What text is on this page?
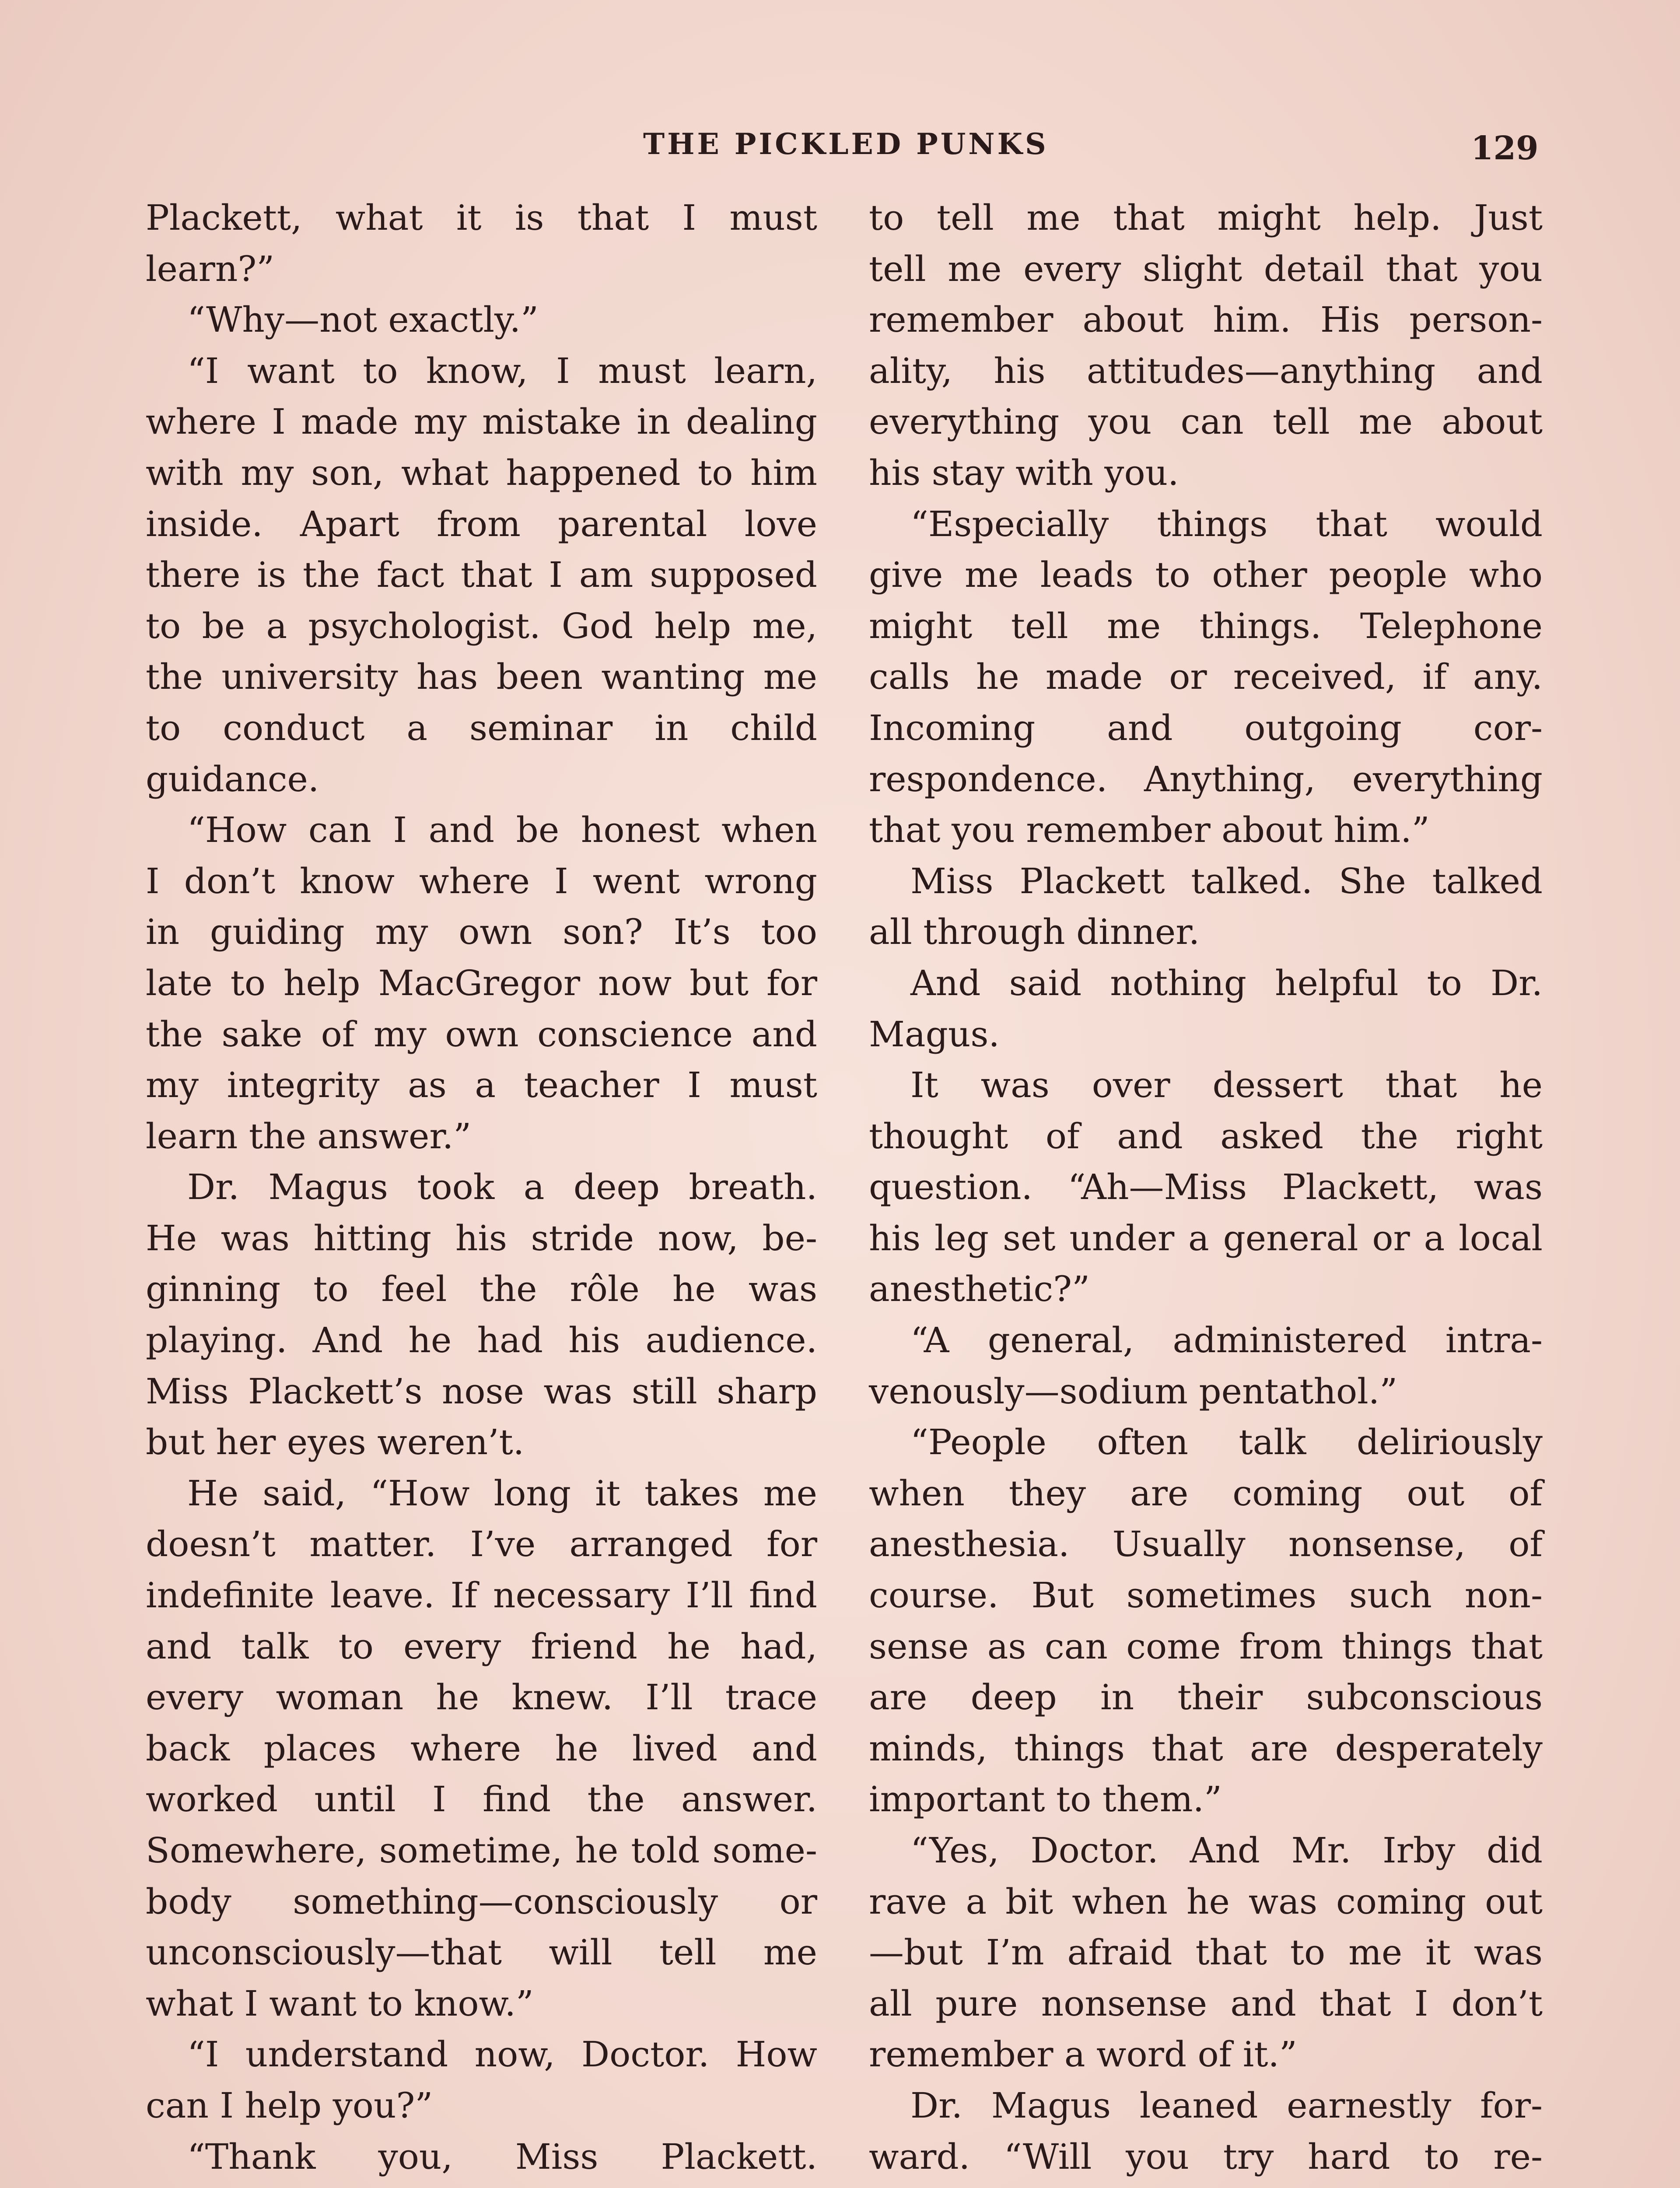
THE PICKLED PUNKS	129
Plackett, what it is that I must
learn?”
“Why—not exactly.”
“I want to know, I must learn,
where I made my mistake in dealing
with my son, what happened to him
inside. Apart from parental love
there is the fact that I am supposed
to be a psychologist. God help me,
the university has been wanting me
to conduct a seminar in child
guidance.
“How can I and be honest when
I don’t know where I went wrong
in guiding my own son? It’s too
late to help MacGregor now but for
the sake of my own conscience and
my integrity as a teacher I must
learn the answer.”
Dr. Magus took a deep breath.
He was hitting his stride now, be-
ginning to feel the rôle he was
playing. And he had his audience.
Miss Plackett’s nose was still sharp
but her eyes weren’t.
He said, “How long it takes me
doesn’t matter. I’ve arranged for
indefinite leave. If necessary I’ll find
and talk to every friend he had,
every woman he knew. I’ll trace
back places where he lived and
worked until I find the answer.
Somewhere, sometime, he told some-
body something—consciously or
unconsciously—that will tell me
what I want to know.”
“I understand now, Doctor. How
can I help you?”
“Thank you, Miss Plackett.
to tell me that might help. Just
tell me every slight detail that you
remember about him. His person-
ality, his attitudes—anything and
everything you can tell me about
his stay with you.
“Especially things that would
give me leads to other people who
might tell me things. Telephone
calls he made or received, if any.
Incoming and outgoing cor-
respondence. Anything, everything
that you remember about him.”
Miss Plackett talked. She talked
all through dinner.
And said nothing helpful to Dr.
Magus.
It was over dessert that he
thought of and asked the right
question. “Ah—Miss Plackett, was
his leg set under a general or a local
anesthetic?”
“A general, administered intra-
venously—sodium pentathol.”
“People often talk deliriously
when they are coming out of
anesthesia. Usually nonsense, of
course. But sometimes such non-
sense as can come from things that
are deep in their subconscious
minds, things that are desperately
important to them.”
“Yes, Doctor. And Mr. Irby did
rave a bit when he was coming out
—but I’m afraid that to me it was
all pure nonsense and that I don’t
remember a word of it.”
Dr. Magus leaned earnestly for-
ward. “Will you try hard to re-
